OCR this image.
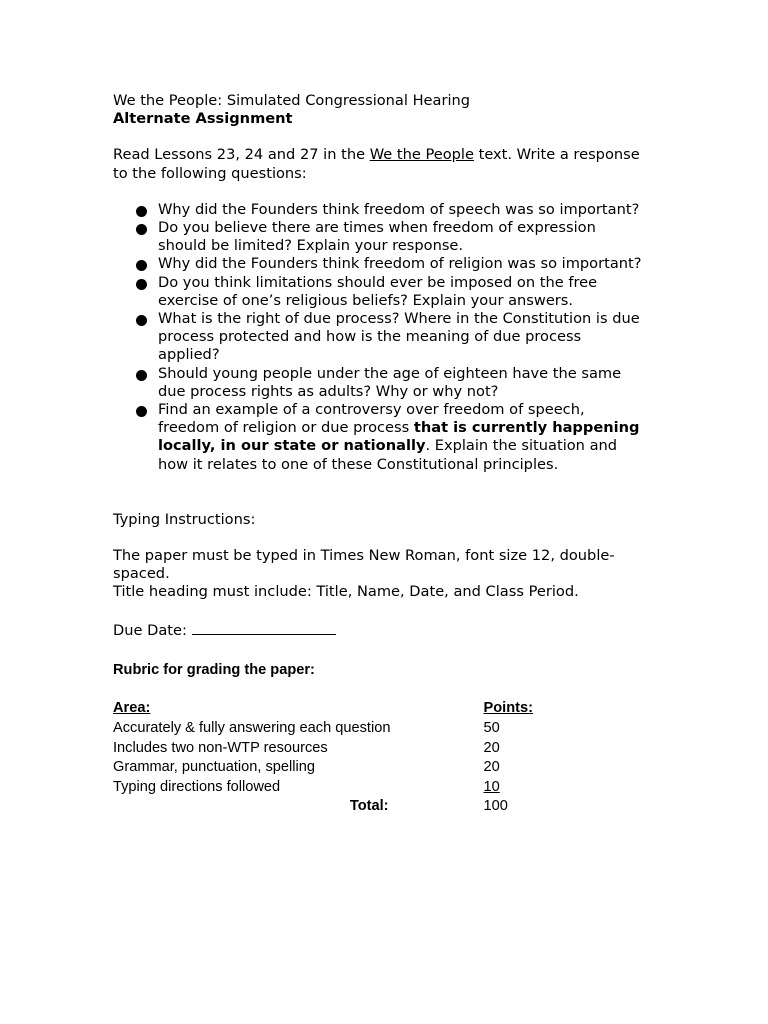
We the People: Simulated Congressional Hearing

Alternate Assignment

Read Lessons 23, 24 and 27 in the We the People text. Write a response to the following questions:

Why did the Founders think freedom of speech was so important?
Do you believe there are times when freedom of expression should be limited? Explain your response.
Why did the Founders think freedom of religion was so important?
Do you think limitations should ever be imposed on the free exercise of one’s religious beliefs? Explain your answers.
What is the right of due process? Where in the Constitution is due process protected and how is the meaning of due process applied?
Should young people under the age of eighteen have the same due process rights as adults? Why or why not?
Find an example of a controversy over freedom of speech, freedom of religion or due process that is currently happening locally, in our state or nationally. Explain the situation and how it relates to one of these Constitutional principles.

Typing Instructions:

The paper must be typed in Times New Roman, font size 12, double-spaced.

Title heading must include: Title, Name, Date, and Class Period.

Due Date:

Rubric for grading the paper:

Area:	Points:
Accurately & fully answering each question	50
Includes two non-WTP resources	20
Grammar, punctuation, spelling	20
Typing directions followed	10
Total:	100
